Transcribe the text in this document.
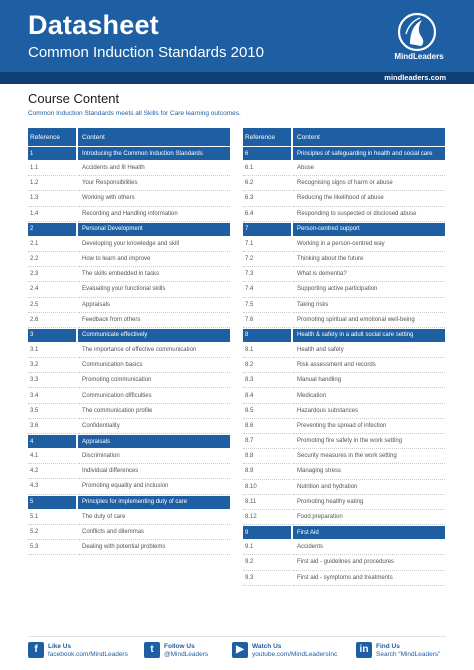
Datasheet
Common Induction Standards 2010	MindLeaders
mindleaders.com
Course Content
Common Induction Standards meets all Skills for Care learning outcomes.
Reference	Content
1	Introducing the Common Induction Standards
1.1	Accidents and Ill Health
1.2	Your Responsibilities
1.3	Working with others
1.4	Recording and Handling information
2	Personal Development
2.1	Developing your knowledge and skill
2.2	How to learn and improve
2.3	The skills embedded in tasks
2.4	Evaluating your functional skills
2.5	Appraisals
2.6	Feedback from others
3	Communicate effectively
3.1	The importance of effective communication
3.2	Communication basics
3.3	Promoting communication
3.4	Communication difficulties
3.5	The communication profile
3.6	Confidentiality
4	Appraisals
4.1	Discrimination
4.2	Individual differences
4.3	Promoting equality and inclusion
5	Principles for implementing duty of care
5.1	The duty of care
5.2	Conflicts and dilemmas
5.3	Dealing with potential problems
Reference	Content
6	Principles of safeguarding in health and social care
6.1	Abuse
6.2	Recognising signs of harm or abuse
6.3	Reducing the likelihood of abuse
6.4	Responding to suspected or disclosed abuse
7	Person-centred support
7.1	Working in a person-centred way
7.2	Thinking about the future
7.3	What is dementia?
7.4	Supporting active participation
7.5	Taking risks
7.6	Promoting spiritual and emotional well-being
8	Health & safety in a adult social care setting
8.1	Health and safety
8.2	Risk assessment and records
8.3	Manual handling
8.4	Medication
8.5	Hazardous substances
8.6	Preventing the spread of infection
8.7	Promoting fire safety in the work setting
8.8	Security measures in the work setting
8.9	Managing stress
8.10	Nutrition and hydration
8.11	Promoting healthy eating
8.12	Food preparation
9	First Aid
9.1	Accidents
9.2	First aid - guidelines and procedures
9.3	First aid - symptoms and treatments
f	Like Us
facebook.com/MindLeaders	t	Follow Us
@MindLeaders	▶	Watch Us
youtube.com/MindLeadersInc	in	Find Us
Search “MindLeaders”
